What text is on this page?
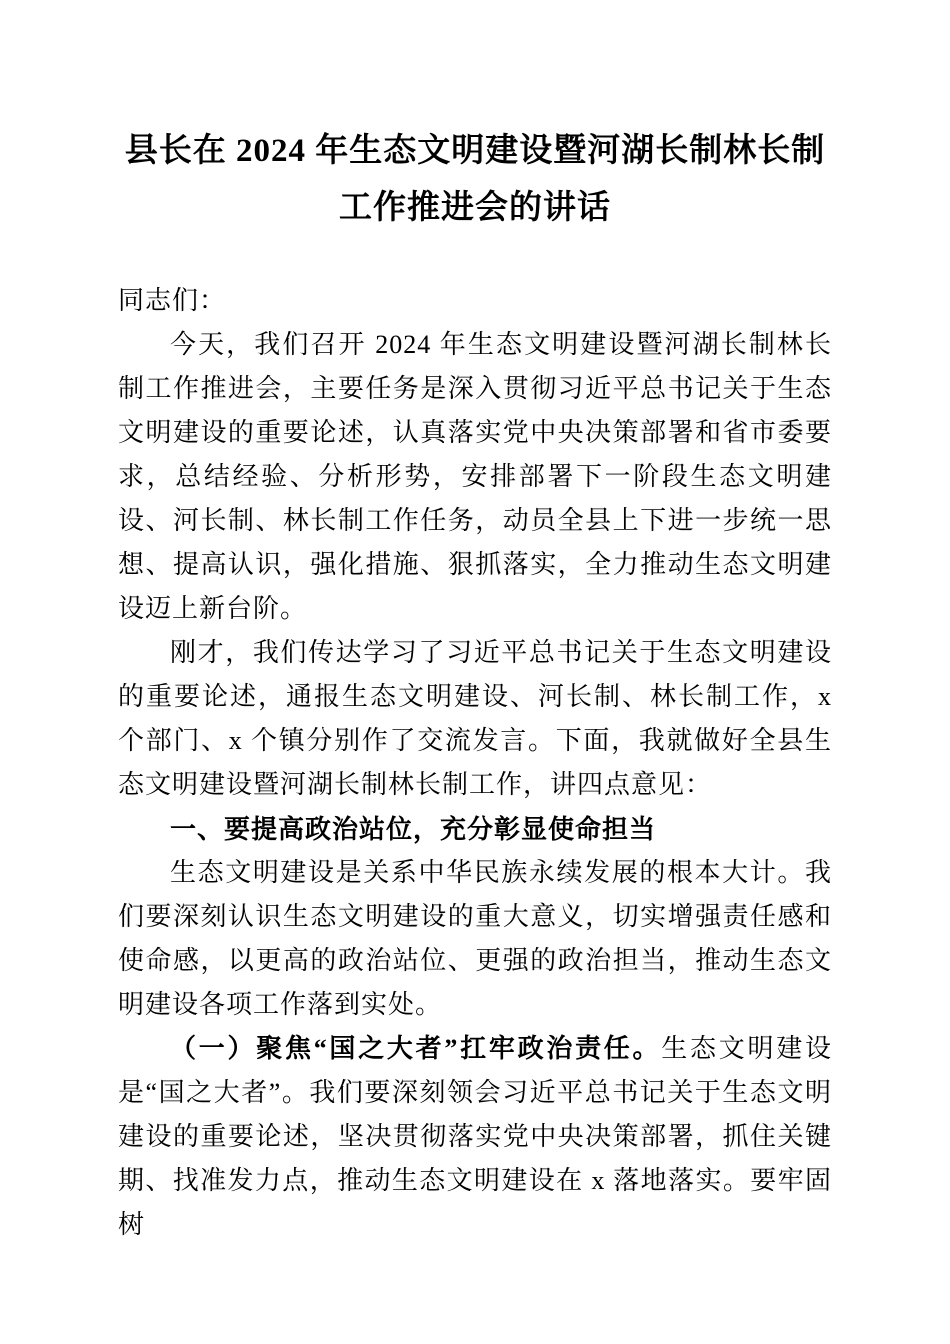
县长在 2024 年生态文明建设暨河湖长制林长制工作推进会的讲话

同志们：

今天，我们召开 2024 年生态文明建设暨河湖长制林长制工作推进会，主要任务是深入贯彻习近平总书记关于生态文明建设的重要论述，认真落实党中央决策部署和省市委要求，总结经验、分析形势，安排部署下一阶段生态文明建设、河长制、林长制工作任务，动员全县上下进一步统一思想、提高认识，强化措施、狠抓落实，全力推动生态文明建设迈上新台阶。

刚才，我们传达学习了习近平总书记关于生态文明建设的重要论述，通报生态文明建设、河长制、林长制工作，x 个部门、x 个镇分别作了交流发言。下面，我就做好全县生态文明建设暨河湖长制林长制工作，讲四点意见：

一、要提高政治站位，充分彰显使命担当

生态文明建设是关系中华民族永续发展的根本大计。我们要深刻认识生态文明建设的重大意义，切实增强责任感和使命感，以更高的政治站位、更强的政治担当，推动生态文明建设各项工作落到实处。

（一）聚焦“国之大者”扛牢政治责任。生态文明建设是“国之大者”。我们要深刻领会习近平总书记关于生态文明建设的重要论述，坚决贯彻落实党中央决策部署，抓住关键期、找准发力点，推动生态文明建设在 x 落地落实。要牢固树
